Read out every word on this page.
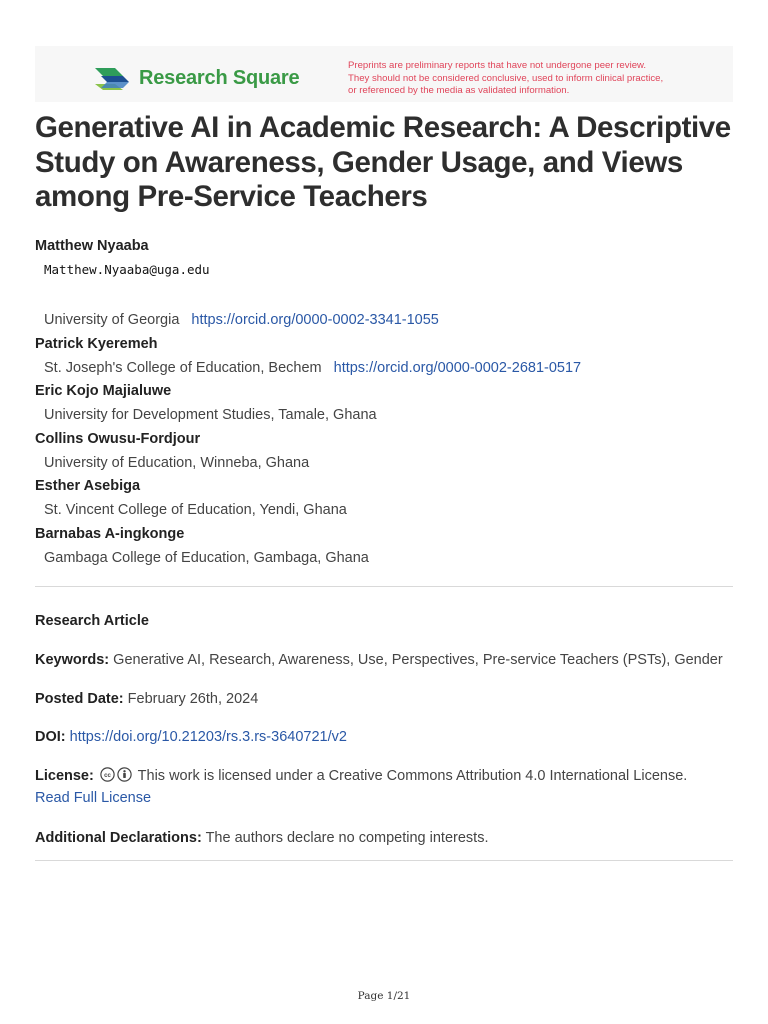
Research Square
Preprints are preliminary reports that have not undergone peer review.
They should not be considered conclusive, used to inform clinical practice,
or referenced by the media as validated information.
Generative AI in Academic Research: A Descriptive Study on Awareness, Gender Usage, and Views among Pre-Service Teachers
Matthew Nyaaba
Matthew.Nyaaba@uga.edu
University of Georgia https://orcid.org/0000-0002-3341-1055
Patrick Kyeremeh
St. Joseph's College of Education, Bechem https://orcid.org/0000-0002-2681-0517
Eric Kojo Majialuwe
University for Development Studies, Tamale, Ghana
Collins Owusu-Fordjour
University of Education, Winneba, Ghana
Esther Asebiga
St. Vincent College of Education, Yendi, Ghana
Barnabas A-ingkonge
Gambaga College of Education, Gambaga, Ghana
Research Article
Keywords: Generative AI, Research, Awareness, Use, Perspectives, Pre-service Teachers (PSTs), Gender
Posted Date: February 26th, 2024
DOI: https://doi.org/10.21203/rs.3.rs-3640721/v2
License: cc This work is licensed under a Creative Commons Attribution 4.0 International License.
Read Full License
Additional Declarations: The authors declare no competing interests.
Page 1/21
